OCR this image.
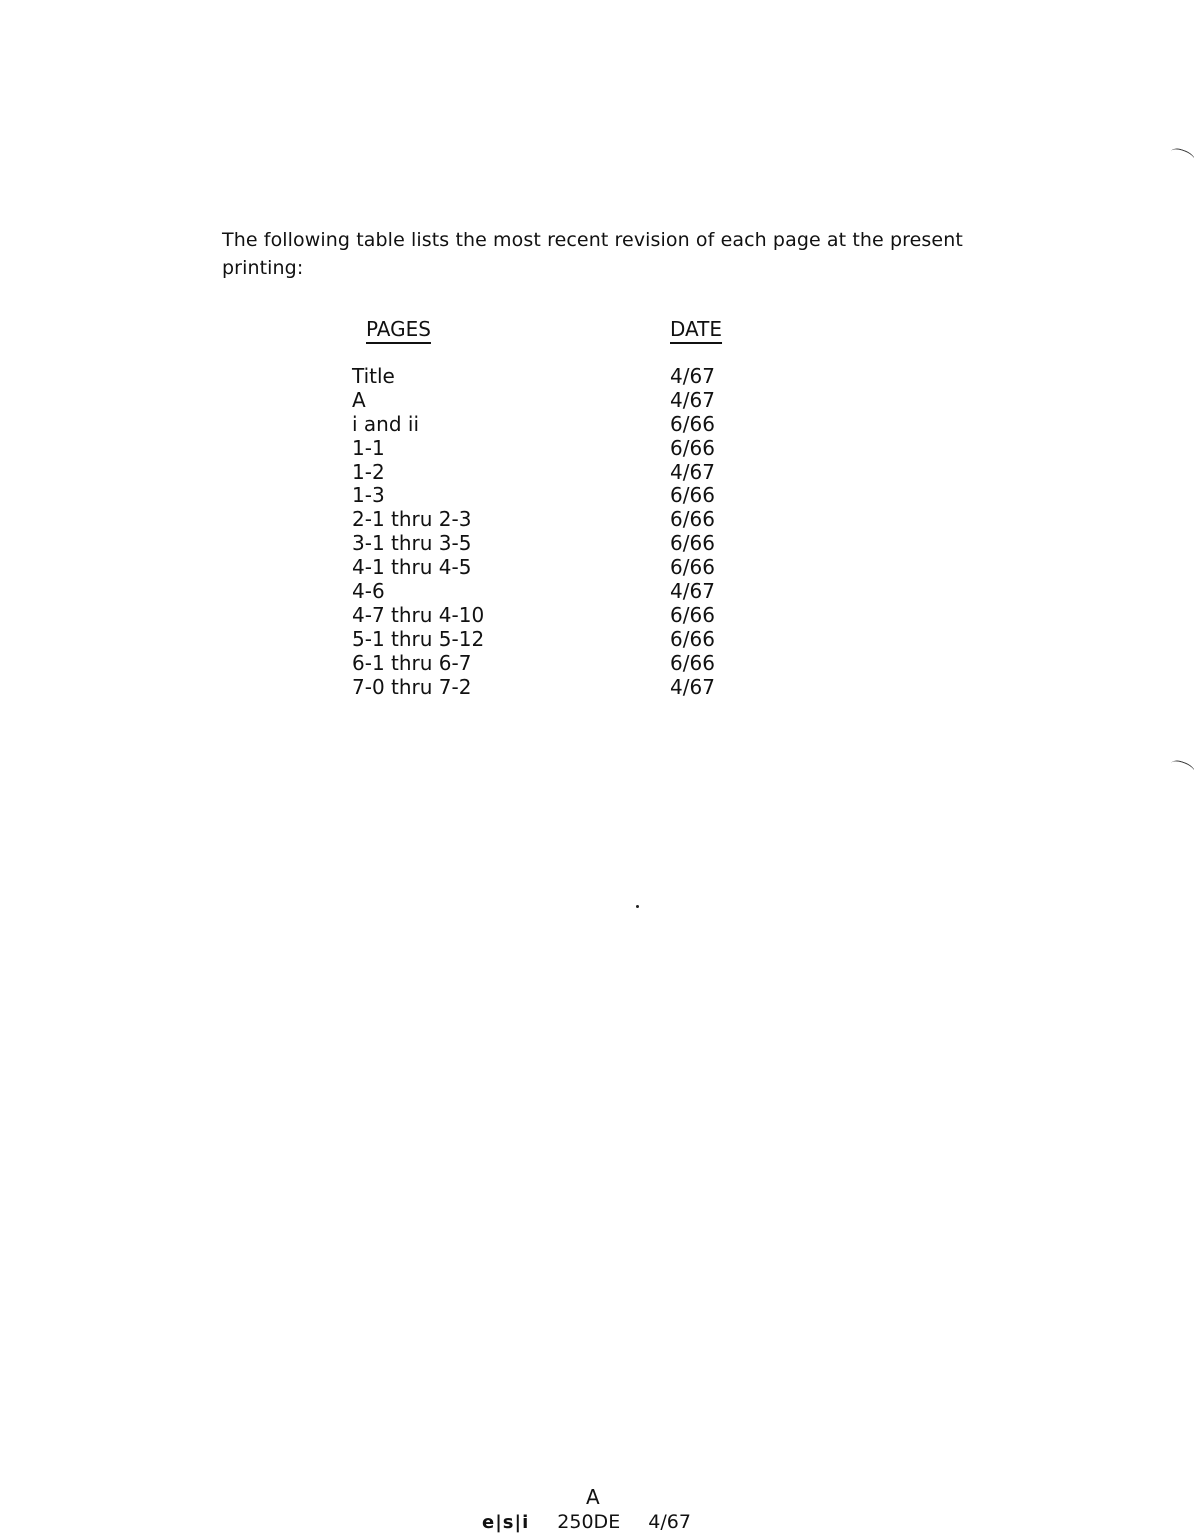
The following table lists the most recent revision of each page at the present printing:
PAGES	DATE
Title	4/67
A	4/67
i and ii	6/66
1-1	6/66
1-2	4/67
1-3	6/66
2-1 thru 2-3	6/66
3-1 thru 3-5	6/66
4-1 thru 4-5	6/66
4-6	4/67
4-7 thru 4-10	6/66
5-1 thru 5-12	6/66
6-1 thru 6-7	6/66
7-0 thru 7-2	4/67
A
e|s|i 250DE 4/67
